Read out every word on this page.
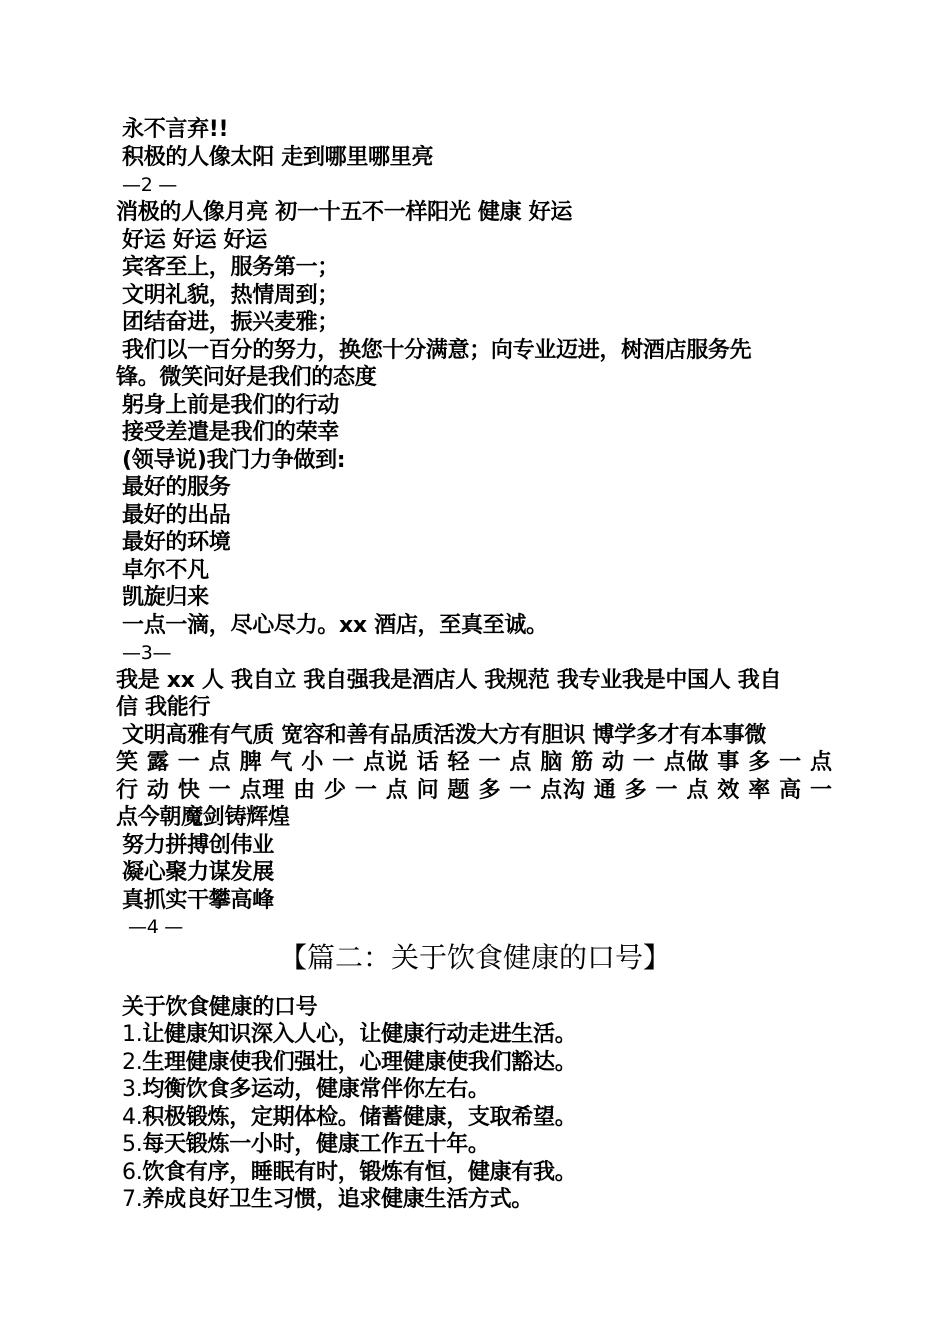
永不言弃!!
积极的人像太阳 走到哪里哪里亮
—2 —
消极的人像月亮 初一十五不一样阳光 健康 好运
好运 好运 好运
宾客至上，服务第一；
文明礼貌，热情周到；
团结奋进，振兴麦雅；
我们以一百分的努力，换您十分满意；向专业迈进，树酒店服务先
锋。微笑问好是我们的态度
躬身上前是我们的行动
接受差遣是我们的荣幸
(领导说)我门力争做到:
最好的服务
最好的出品
最好的环境
卓尔不凡
凯旋归来
一点一滴，尽心尽力。xx 酒店，至真至诚。
—3—
我是 xx 人 我自立 我自强我是酒店人 我规范 我专业我是中国人 我自
信 我能行
文明高雅有气质 宽容和善有品质活泼大方有胆识 博学多才有本事微
笑 露 一 点 脾 气 小 一 点说 话 轻 一 点 脑 筋 动 一 点做 事 多 一 点
行 动 快 一 点理 由 少 一 点 问 题 多 一 点沟 通 多 一 点 效 率 高 一
点今朝魔剑铸辉煌
努力拼搏创伟业
凝心聚力谋发展
真抓实干攀高峰
—4 —
【篇二：关于饮食健康的口号】
关于饮食健康的口号
1.让健康知识深入人心，让健康行动走进生活。
2.生理健康使我们强壮，心理健康使我们豁达。
3.均衡饮食多运动，健康常伴你左右。
4.积极锻炼，定期体检。储蓄健康，支取希望。
5.每天锻炼一小时，健康工作五十年。
6.饮食有序，睡眠有时，锻炼有恒，健康有我。
7.养成良好卫生习惯，追求健康生活方式。
